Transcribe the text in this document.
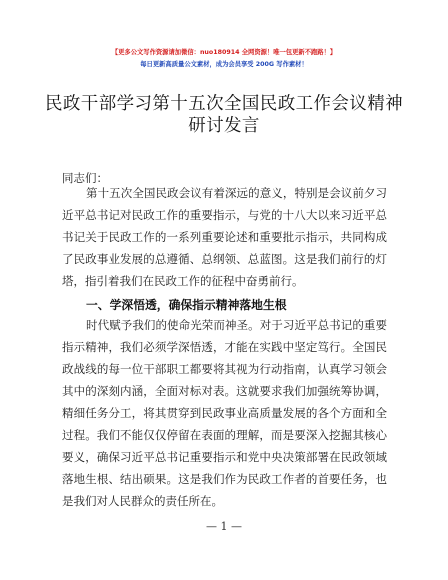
【更多公文写作资源请加微信：nuo180914 全网资源！唯一包更新不跑路！】
每日更新高质量公文素材，成为会员享受 200G 写作素材！
民政干部学习第十五次全国民政工作会议精神
研讨发言
同志们：
第十五次全国民政会议有着深远的意义，特别是会议前夕习
近平总书记对民政工作的重要指示，与党的十八大以来习近平总
书记关于民政工作的一系列重要论述和重要批示指示，共同构成
了民政事业发展的总遵循、总纲领、总蓝图。这是我们前行的灯
塔，指引着我们在民政工作的征程中奋勇前行。
一、学深悟透，确保指示精神落地生根
时代赋予我们的使命光荣而神圣。对于习近平总书记的重要
指示精神，我们必须学深悟透，才能在实践中坚定笃行。全国民
政战线的每一位干部职工都要将其视为行动指南，认真学习领会
其中的深刻内涵，全面对标对表。这就要求我们加强统筹协调，
精细任务分工，将其贯穿到民政事业高质量发展的各个方面和全
过程。我们不能仅仅停留在表面的理解，而是要深入挖掘其核心
要义，确保习近平总书记重要指示和党中央决策部署在民政领域
落地生根、结出硕果。这是我们作为民政工作者的首要任务，也
是我们对人民群众的责任所在。
— 1 —
